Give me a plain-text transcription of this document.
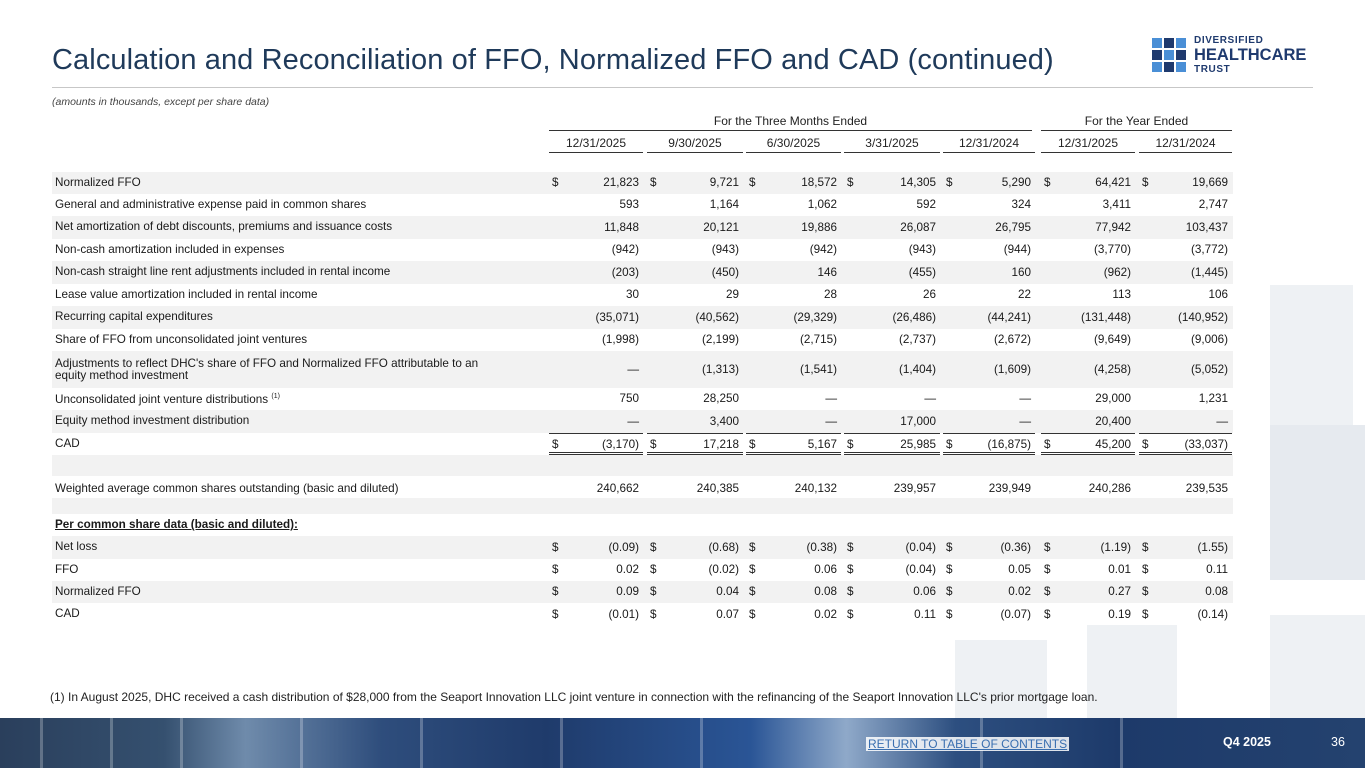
Calculation and Reconciliation of FFO, Normalized FFO and CAD (continued)
(amounts in thousands, except per share data)
DIVERSIFIED
HEALTHCARE
TRUST
For the Three Months Ended	For the Year Ended
12/31/2025	9/30/2025	6/30/2025	3/31/2025	12/31/2024	12/31/2025	12/31/2024
Normalized FFO	$	21,823 $	9,721 $	18,572 $	14,305 $	5,290 $	64,421 $	19,669
General and administrative expense paid in common shares	593	1,164	1,062	592	324	3,411	2,747
Net amortization of debt discounts, premiums and issuance costs	11,848	20,121	19,886	26,087	26,795	77,942	103,437
Non-cash amortization included in expenses	(942)	(943)	(942)	(943)	(944)	(3,770)	(3,772)
Non-cash straight line rent adjustments included in rental income	(203)	(450)	146	(455)	160	(962)	(1,445)
Lease value amortization included in rental income	30	29	28	26	22	113	106
Recurring capital expenditures	(35,071)	(40,562)	(29,329)	(26,486)	(44,241)	(131,448)	(140,952)
Share of FFO from unconsolidated joint ventures	(1,998)	(2,199)	(2,715)	(2,737)	(2,672)	(9,649)	(9,006)
Adjustments to reflect DHC's share of FFO and Normalized FFO attributable to an
equity method investment
—	(1,313)	(1,541)	(1,404)	(1,609)	(4,258)	(5,052)
Unconsolidated joint venture distributions $^{(1)}$	750	28,250	—	—	—	29,000	1,231
Equity method investment distribution	—	3,400	—	17,000	—	20,400	—
CAD	$	(3,170) $	17,218 $	5,167 $	25,985 $	(16,875) $	45,200 $	(33,037)
Weighted average common shares outstanding (basic and diluted)	240,662	240,385	240,132	239,957	239,949	240,286	239,535
Per common share data (basic and diluted):
Net loss	$	(0.09) $	(0.68) $	(0.38) $	(0.04) $	(0.36) $	(1.19) $	(1.55)
FFO	$	0.02 $	(0.02) $	0.06 $	(0.04) $	0.05 $	0.01 $	0.11
Normalized FFO	$	0.09 $	0.04 $	0.08 $	0.06 $	0.02 $	0.27 $	0.08
CAD	$	(0.01) $	0.07 $	0.02 $	0.11 $	(0.07) $	0.19 $	(0.14)
(1) In August 2025, DHC received a cash distribution of $28,000 from the Seaport Innovation LLC joint venture in connection with the refinancing of the Seaport Innovation LLC's prior mortgage loan.
RETURN TO TABLE OF CONTENTS	Q4 2025	36
